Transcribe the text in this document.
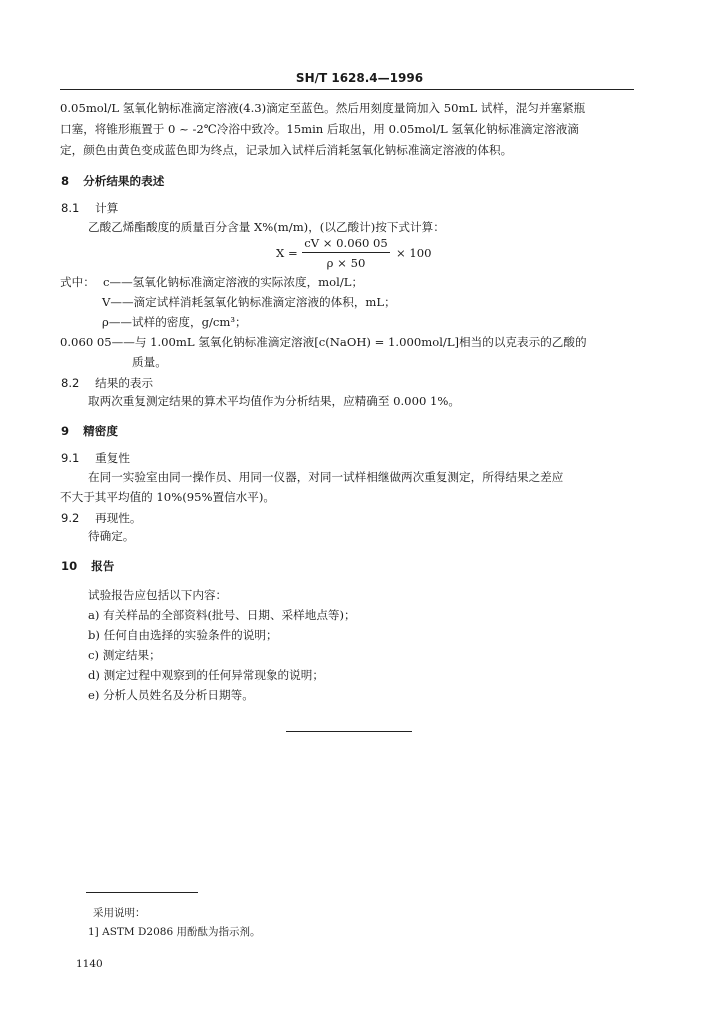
SH/T 1628.4—1996
0.05mol/L 氢氧化钠标准滴定溶液(4.3)滴定至蓝色。然后用刻度量筒加入 50mL 试样，混匀并塞紧瓶
口塞，将锥形瓶置于 0 ~ -2℃冷浴中致冷。15min 后取出，用 0.05mol/L 氢氧化钠标准滴定溶液滴
定，颜色由黄色变成蓝色即为终点，记录加入试样后消耗氢氧化钠标准滴定溶液的体积。
8 分析结果的表述
8.1 计算
乙酸乙烯酯酸度的质量百分含量 X%(m/m)，(以乙酸计)按下式计算：
X =
cV × 0.060 05
ρ × 50
× 100
式中： c——氢氧化钠标准滴定溶液的实际浓度，mol/L；
V——滴定试样消耗氢氧化钠标准滴定溶液的体积，mL；
ρ——试样的密度，g/cm³；
0.060 05——与 1.00mL 氢氧化钠标准滴定溶液[c(NaOH) = 1.000mol/L]相当的以克表示的乙酸的
质量。
8.2 结果的表示
取两次重复测定结果的算术平均值作为分析结果，应精确至 0.000 1%。
9 精密度
9.1 重复性
在同一实验室由同一操作员、用同一仪器，对同一试样相继做两次重复测定，所得结果之差应
不大于其平均值的 10%(95%置信水平)。
9.2 再现性。
待确定。
10 报告
试验报告应包括以下内容：
a) 有关样品的全部资料(批号、日期、采样地点等)；
b) 任何自由选择的实验条件的说明；
c) 测定结果；
d) 测定过程中观察到的任何异常现象的说明；
e) 分析人员姓名及分析日期等。
采用说明：
1] ASTM D2086 用酚酞为指示剂。
1140
